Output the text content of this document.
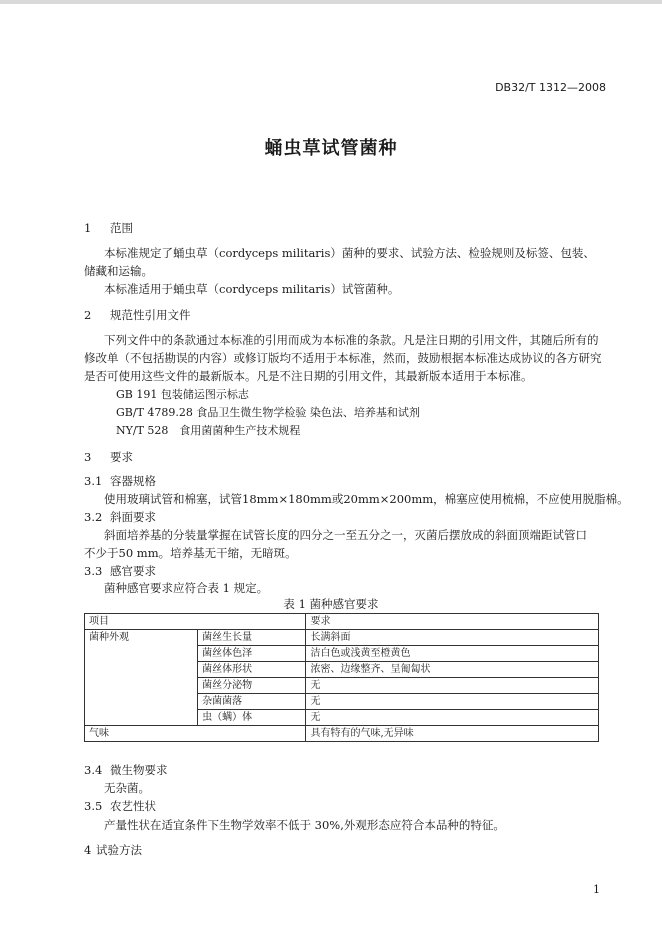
DB32/T 1312—2008
蛹虫草试管菌种
1 范围
本标准规定了蛹虫草（cordyceps militaris）菌种的要求、试验方法、检验规则及标签、包装、
储藏和运输。
本标准适用于蛹虫草（cordyceps militaris）试管菌种。
2 规范性引用文件
下列文件中的条款通过本标准的引用而成为本标准的条款。凡是注日期的引用文件，其随后所有的
修改单（不包括勘误的内容）或修订版均不适用于本标准，然而，鼓励根据本标准达成协议的各方研究
是否可使用这些文件的最新版本。凡是不注日期的引用文件，其最新版本适用于本标准。
GB 191 包装储运图示标志
GB/T 4789.28 食品卫生微生物学检验 染色法、培养基和试剂
NY/T 528　食用菌菌种生产技术规程
3 要求
3.1 容器规格
使用玻璃试管和棉塞，试管18mm×180mm或20mm×200mm，棉塞应使用梳棉，不应使用脱脂棉。
3.2 斜面要求
斜面培养基的分装量掌握在试管长度的四分之一至五分之一，灭菌后摆放成的斜面顶端距试管口
不少于50 mm。培养基无干缩，无暗斑。
3.3 感官要求
菌种感官要求应符合表 1 规定。
表 1 菌种感官要求
项目		要求
菌种外观	菌丝生长量	长满斜面
	菌丝体色泽	洁白色或浅黄至橙黄色
	菌丝体形状	浓密、边缘整齐、呈匍匐状
	菌丝分泌物	无
	杂菌菌落	无
	虫（螨）体	无
气味		具有特有的气味,无异味
3.4 微生物要求
无杂菌。
3.5 农艺性状
产量性状在适宜条件下生物学效率不低于 30%,外观形态应符合本品种的特征。
4 试验方法
1
